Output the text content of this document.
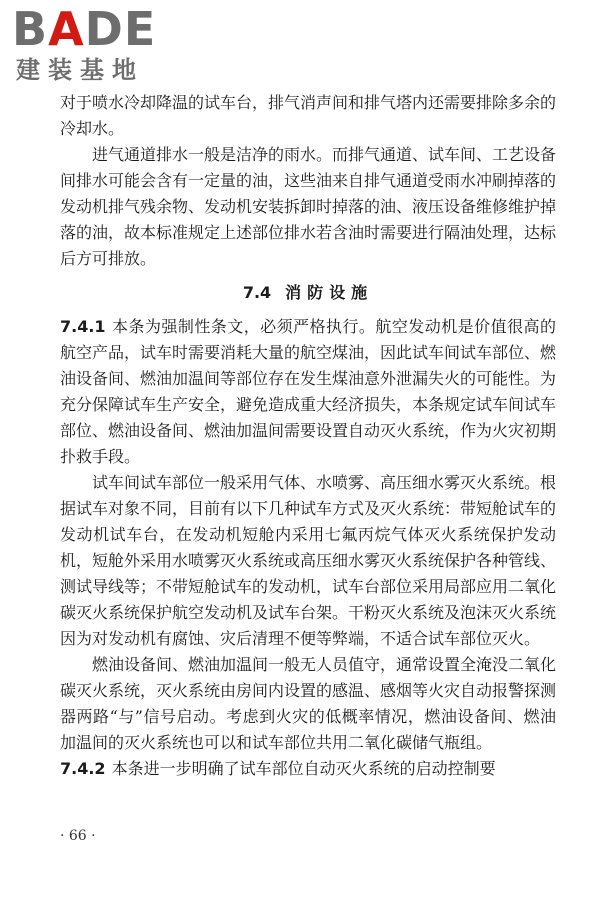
BADE
建装基地

对于喷水冷却降温的试车台，排气消声间和排气塔内还需要排除多余的冷却水。

进气通道排水一般是洁净的雨水。而排气通道、试车间、工艺设备间排水可能会含有一定量的油，这些油来自排气通道受雨水冲刷掉落的发动机排气残余物、发动机安装拆卸时掉落的油、液压设备维修维护掉落的油，故本标准规定上述部位排水若含油时需要进行隔油处理，达标后方可排放。

7.4 消防设施

7.4.1 本条为强制性条文，必须严格执行。航空发动机是价值很高的航空产品，试车时需要消耗大量的航空煤油，因此试车间试车部位、燃油设备间、燃油加温间等部位存在发生煤油意外泄漏失火的可能性。为充分保障试车生产安全，避免造成重大经济损失，本条规定试车间试车部位、燃油设备间、燃油加温间需要设置自动灭火系统，作为火灾初期扑救手段。

试车间试车部位一般采用气体、水喷雾、高压细水雾灭火系统。根据试车对象不同，目前有以下几种试车方式及灭火系统：带短舱试车的发动机试车台，在发动机短舱内采用七氟丙烷气体灭火系统保护发动机，短舱外采用水喷雾灭火系统或高压细水雾灭火系统保护各种管线、测试导线等；不带短舱试车的发动机，试车台部位采用局部应用二氧化碳灭火系统保护航空发动机及试车台架。干粉灭火系统及泡沫灭火系统因为对发动机有腐蚀、灾后清理不便等弊端，不适合试车部位灭火。

燃油设备间、燃油加温间一般无人员值守，通常设置全淹没二氧化碳灭火系统，灭火系统由房间内设置的感温、感烟等火灾自动报警探测器两路“与”信号启动。考虑到火灾的低概率情况，燃油设备间、燃油加温间的灭火系统也可以和试车部位共用二氧化碳储气瓶组。

7.4.2 本条进一步明确了试车部位自动灭火系统的启动控制要

· 66 ·
